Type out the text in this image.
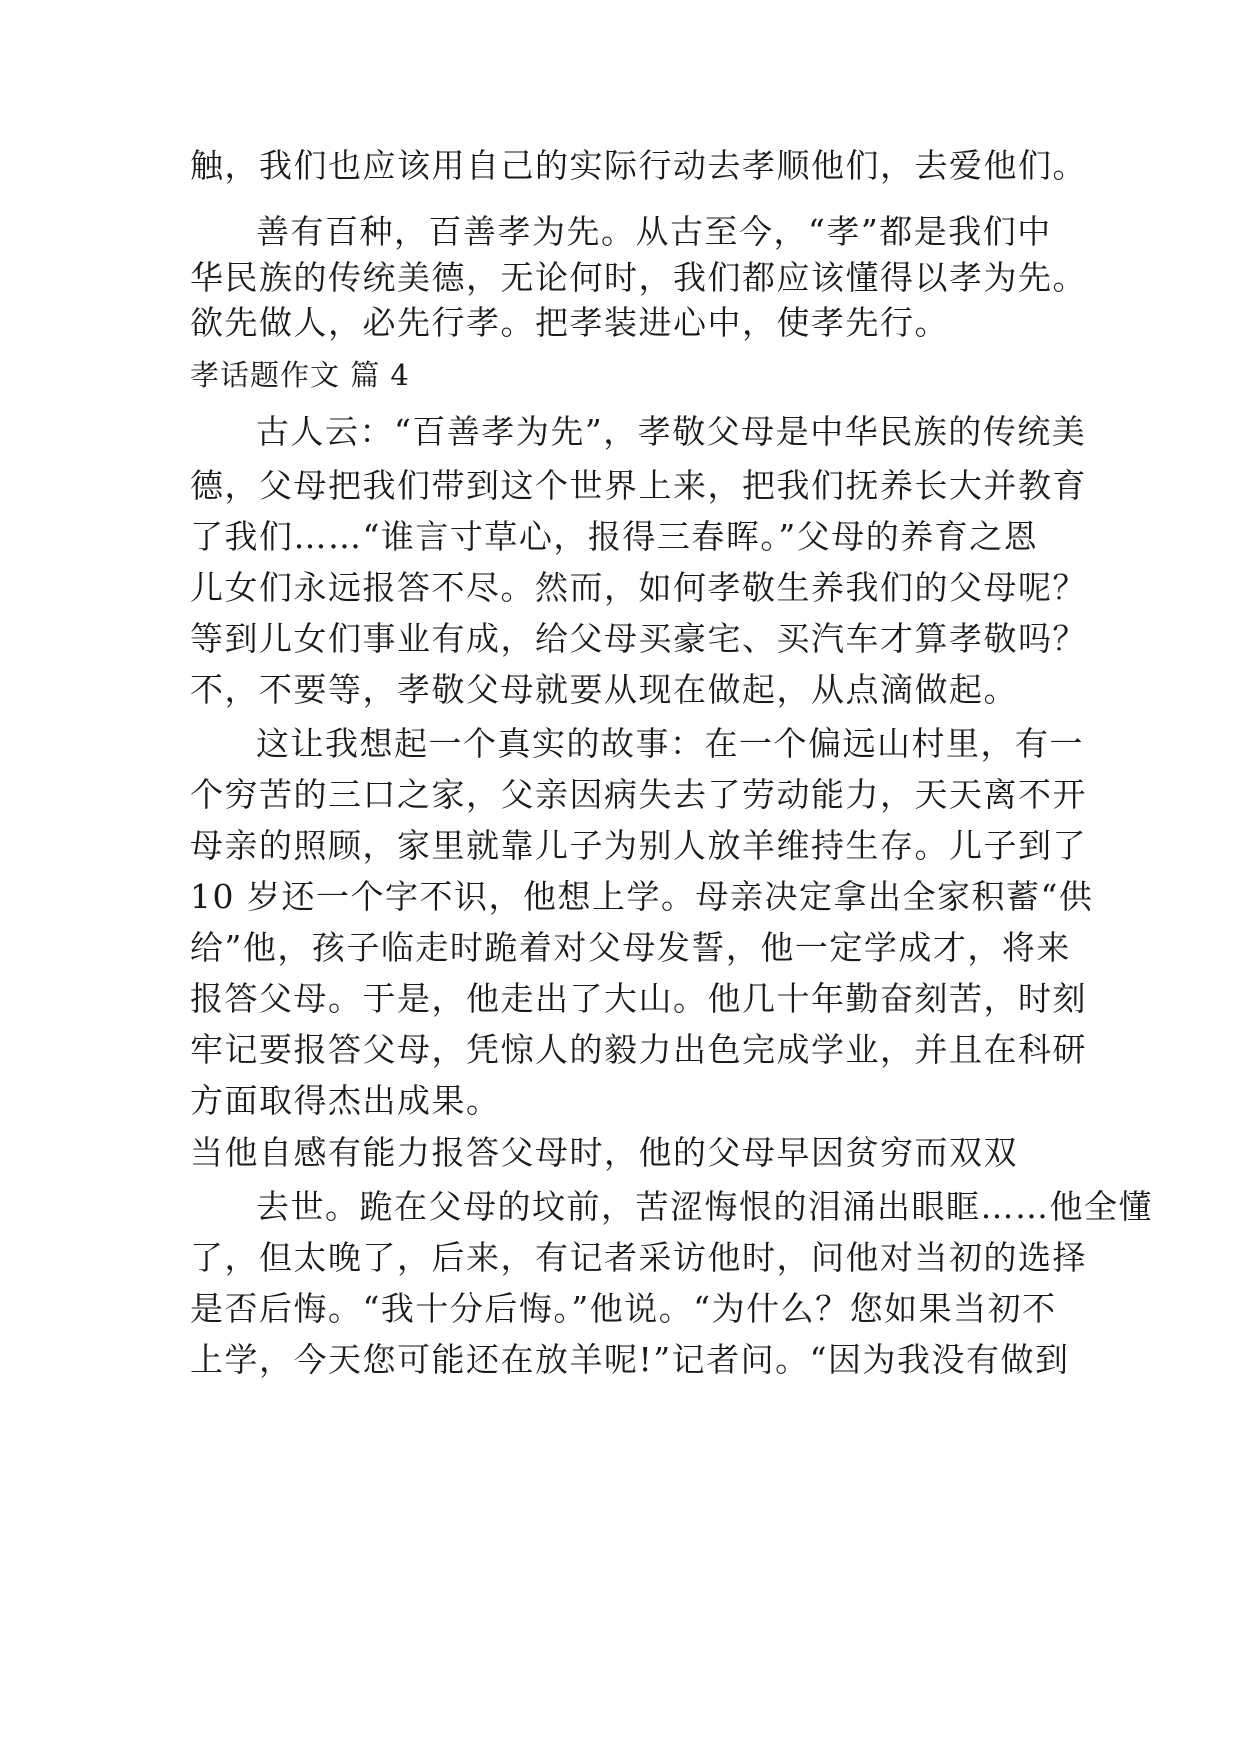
触，我们也应该用自己的实际行动去孝顺他们，去爱他们。
善有百种，百善孝为先。从古至今，“孝”都是我们中
华民族的传统美德，无论何时，我们都应该懂得以孝为先。
欲先做人，必先行孝。把孝装进心中，使孝先行。
孝话题作文 篇 4
古人云：“百善孝为先”，孝敬父母是中华民族的传统美
德，父母把我们带到这个世界上来，把我们抚养长大并教育
了我们……“谁言寸草心，报得三春晖。”父母的养育之恩
儿女们永远报答不尽。然而，如何孝敬生养我们的父母呢？
等到儿女们事业有成，给父母买豪宅、买汽车才算孝敬吗？
不，不要等，孝敬父母就要从现在做起，从点滴做起。
这让我想起一个真实的故事：在一个偏远山村里，有一
个穷苦的三口之家，父亲因病失去了劳动能力，天天离不开
母亲的照顾，家里就靠儿子为别人放羊维持生存。儿子到了
10 岁还一个字不识，他想上学。母亲决定拿出全家积蓄“供
给”他，孩子临走时跪着对父母发誓，他一定学成才，将来
报答父母。于是，他走出了大山。他几十年勤奋刻苦，时刻
牢记要报答父母，凭惊人的毅力出色完成学业，并且在科研
方面取得杰出成果。
当他自感有能力报答父母时，他的父母早因贫穷而双双
去世。跪在父母的坟前，苦涩悔恨的泪涌出眼眶……他全懂
了，但太晚了，后来，有记者采访他时，问他对当初的选择
是否后悔。“我十分后悔。”他说。“为什么？您如果当初不
上学，今天您可能还在放羊呢!”记者问。“因为我没有做到
